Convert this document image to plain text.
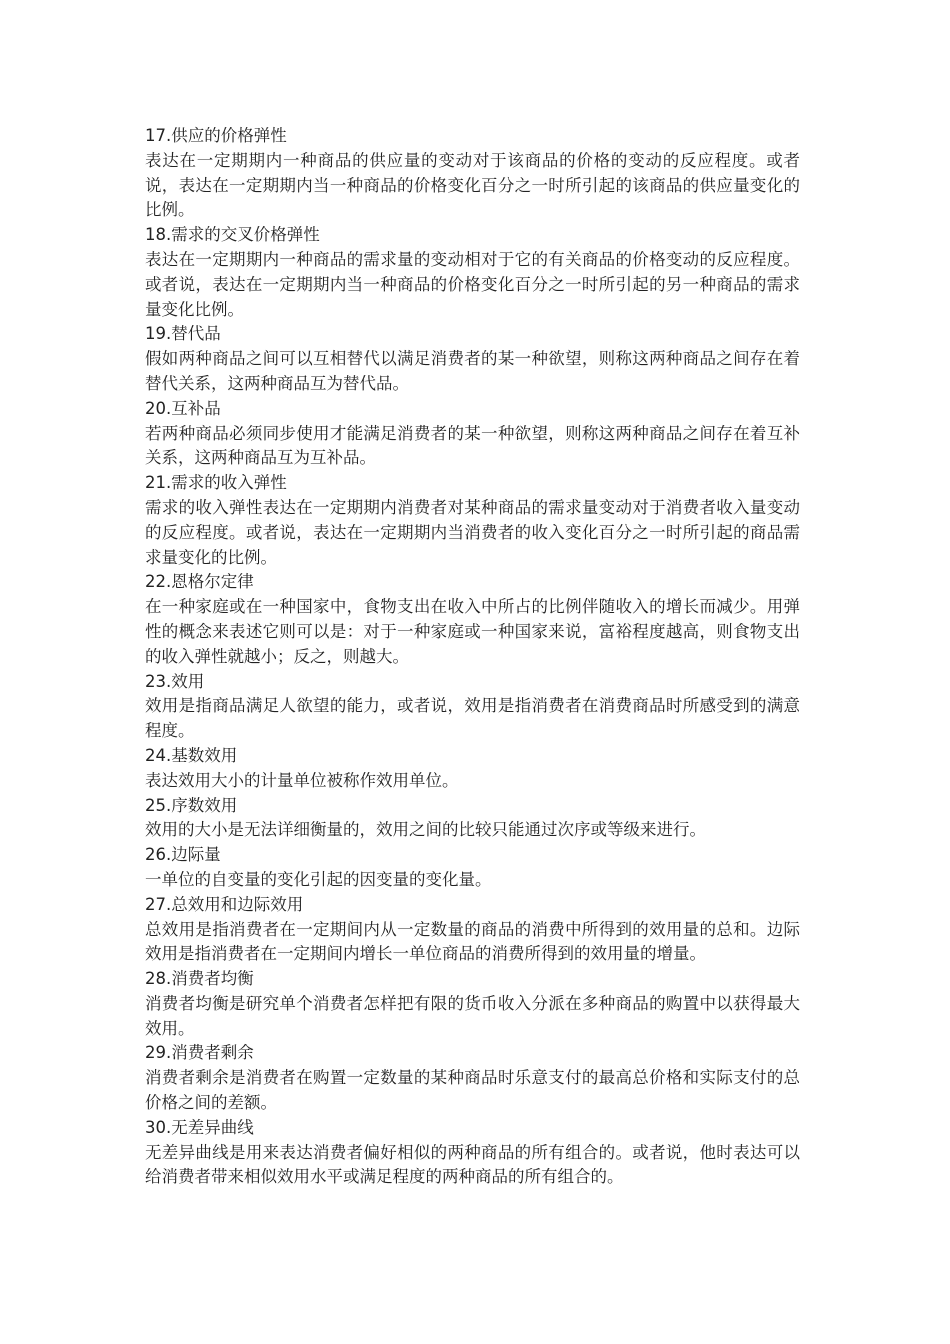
17.供应的价格弹性

表达在一定期期内一种商品的供应量的变动对于该商品的价格的变动的反应程度。或者说，表达在一定期期内当一种商品的价格变化百分之一时所引起的该商品的供应量变化的比例。

18.需求的交叉价格弹性

表达在一定期期内一种商品的需求量的变动相对于它的有关商品的价格变动的反应程度。或者说，表达在一定期期内当一种商品的价格变化百分之一时所引起的另一种商品的需求量变化比例。

19.替代品

假如两种商品之间可以互相替代以满足消费者的某一种欲望，则称这两种商品之间存在着替代关系，这两种商品互为替代品。

20.互补品

若两种商品必须同步使用才能满足消费者的某一种欲望，则称这两种商品之间存在着互补关系，这两种商品互为互补品。

21.需求的收入弹性

需求的收入弹性表达在一定期期内消费者对某种商品的需求量变动对于消费者收入量变动的反应程度。或者说，表达在一定期期内当消费者的收入变化百分之一时所引起的商品需求量变化的比例。

22.恩格尔定律

在一种家庭或在一种国家中，食物支出在收入中所占的比例伴随收入的增长而减少。用弹性的概念来表述它则可以是：对于一种家庭或一种国家来说，富裕程度越高，则食物支出的收入弹性就越小；反之，则越大。

23.效用

效用是指商品满足人欲望的能力，或者说，效用是指消费者在消费商品时所感受到的满意程度。

24.基数效用

表达效用大小的计量单位被称作效用单位。

25.序数效用

效用的大小是无法详细衡量的，效用之间的比较只能通过次序或等级来进行。

26.边际量

一单位的自变量的变化引起的因变量的变化量。

27.总效用和边际效用

总效用是指消费者在一定期间内从一定数量的商品的消费中所得到的效用量的总和。边际效用是指消费者在一定期间内增长一单位商品的消费所得到的效用量的增量。

28.消费者均衡

消费者均衡是研究单个消费者怎样把有限的货币收入分派在多种商品的购置中以获得最大效用。

29.消费者剩余

消费者剩余是消费者在购置一定数量的某种商品时乐意支付的最高总价格和实际支付的总价格之间的差额。

30.无差异曲线

无差异曲线是用来表达消费者偏好相似的两种商品的所有组合的。或者说，他时表达可以给消费者带来相似效用水平或满足程度的两种商品的所有组合的。
